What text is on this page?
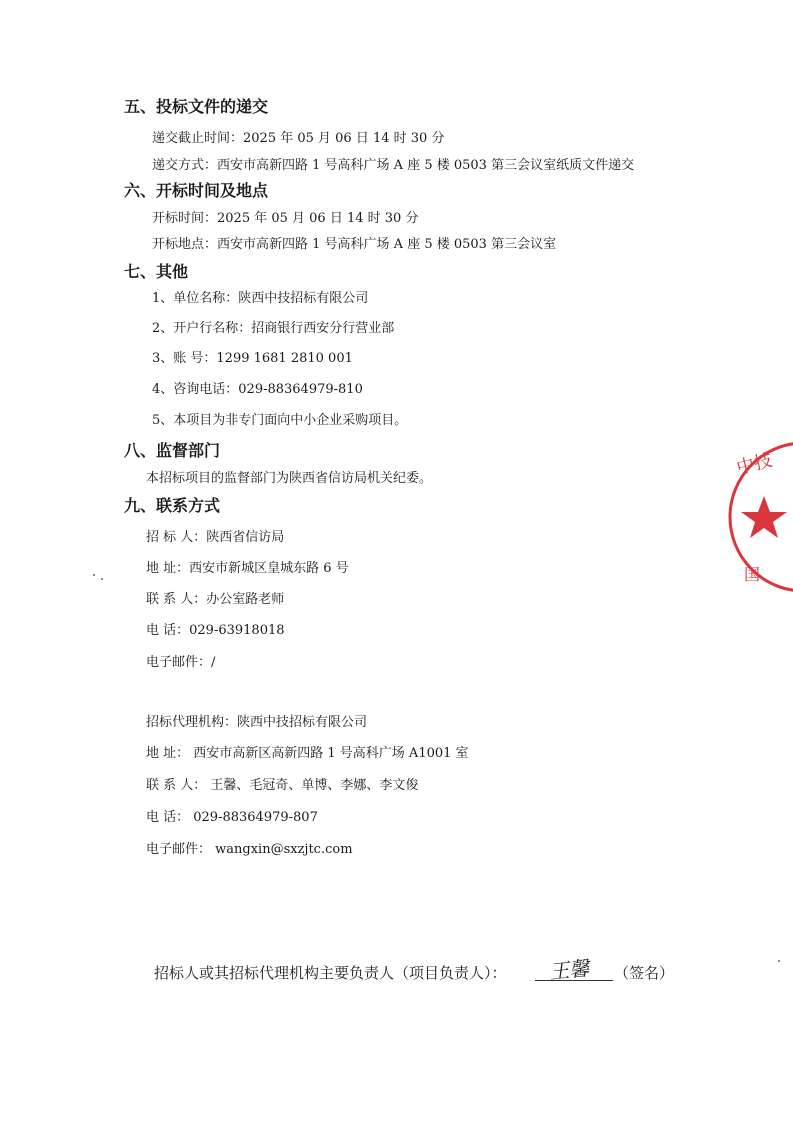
五、投标文件的递交
递交截止时间：2025 年 05 月 06 日 14 时 30 分
递交方式：西安市高新四路 1 号高科广场 A 座 5 楼 0503 第三会议室纸质文件递交
六、开标时间及地点
开标时间：2025 年 05 月 06 日 14 时 30 分
开标地点：西安市高新四路 1 号高科广场 A 座 5 楼 0503 第三会议室
七、其他
1、单位名称：陕西中技招标有限公司
2、开户行名称：招商银行西安分行营业部
3、账 号：1299 1681 2810 001
4、咨询电话：029-88364979-810
5、本项目为非专门面向中小企业采购项目。
八、监督部门
本招标项目的监督部门为陕西省信访局机关纪委。
九、联系方式
招 标 人：陕西省信访局
地 址：西安市新城区皇城东路 6 号
联 系 人：办公室路老师
电 话：029-63918018
电子邮件：/
招标代理机构：陕西中技招标有限公司
地 址： 西安市高新区高新四路 1 号高科广场 A1001 室
联 系 人： 王馨、毛冠奇、单博、李娜、李文俊
电 话： 029-88364979-807
电子邮件： wangxin@sxzjtc.com
招标人或其招标代理机构主要负责人（项目负责人）： 王馨 （签名）
中技
国
